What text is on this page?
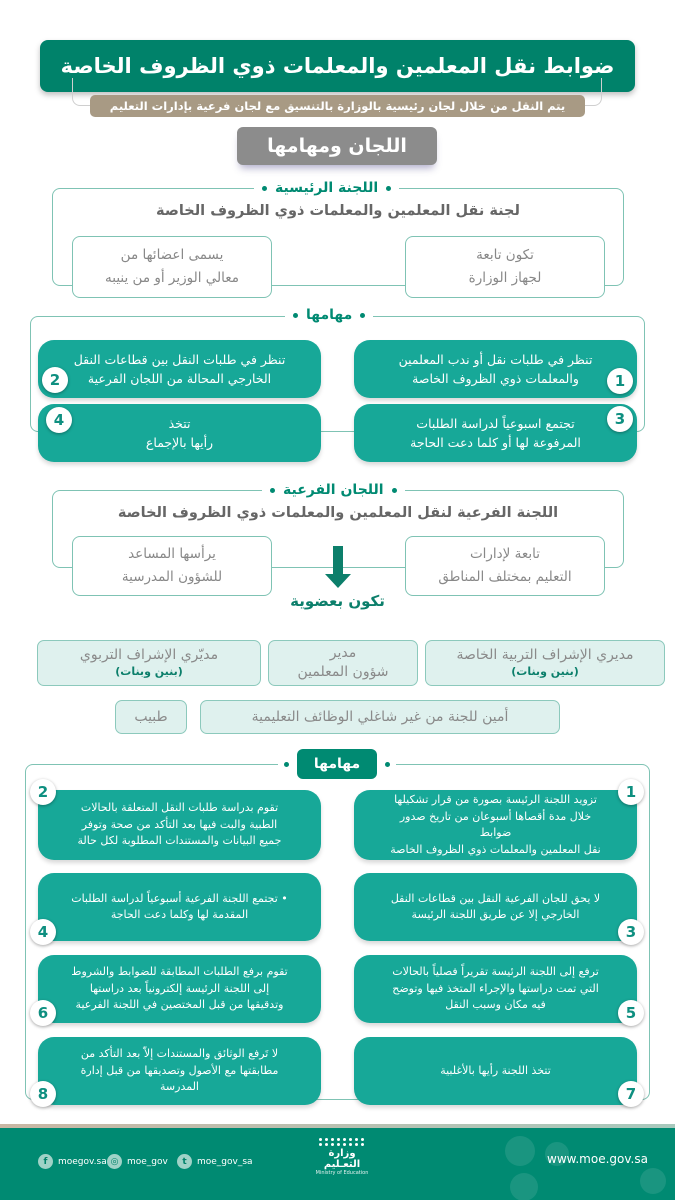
ضوابط نقل المعلمين والمعلمات ذوي الظروف الخاصة
يتم النقل من خلال لجان رئيسية بالوزارة بالتنسيق مع لجان فرعية بإدارات التعليم
اللجان ومهامها
اللجنة الرئيسية
لجنة نقل المعلمين والمعلمات ذوي الظروف الخاصة
تكون تابعة
لجهاز الوزارة
يسمى اعضائها من
معالي الوزير أو من ينيبه
مهامها
تنظر في طلبات نقل أو ندب المعلمين
والمعلمات ذوي الظروف الخاصة	1
تنظر في طلبات النقل بين قطاعات النقل
الخارجي المحالة من اللجان الفرعية
2
تجتمع اسبوعياً لدراسة الطلبات
المرفوعة لها أو كلما دعت الحاجة
3
تتخذ
رأيها بالإجماع
4
اللجان الفرعية
اللجنة الفرعية لنقل المعلمين والمعلمات ذوي الظروف الخاصة
تابعة لإدارات
التعليم بمختلف المناطق
يرأسها المساعد
للشؤون المدرسية
تكون بعضوية
مديري الإشراف التربية الخاصة
(بنين وبنات)
مدير
شؤون المعلمين
مديّري الإشراف التربوي
(بنين وبنات)
أمين للجنة من غير شاغلي الوظائف التعليمية
طبيب
مهامها
تزويد اللجنة الرئيسة بصورة من قرار تشكيلها
خلال مدة أقصاها أسبوعان من تاريخ صدور ضوابط
نقل المعلمين والمعلمات ذوي الظروف الخاصة
1
تقوم بدراسة طلبات النقل المتعلقة بالحالات
الطبية والبت فيها بعد التأكد من صحة وتوفر
جميع البيانات والمستندات المطلوبة لكل حالة
2
لا يحق للجان الفرعية النقل بين قطاعات النقل
الخارجي إلا عن طريق اللجنة الرئيسة
3
• تجتمع اللجنة الفرعية أسبوعياً لدراسة الطلبات
المقدمة لها وكلما دعت الحاجة
4
ترفع إلى اللجنة الرئيسة تقريراً فصلياً بالحالات
التي تمت دراستها والإجراء المتخذ فيها وتوضح
فيه مكان وسبب النقل	5
تقوم برفع الطلبات المطابقة للضوابط والشروط
إلى اللجنة الرئيسة إلكترونياً بعد دراستها
وتدقيقها من قبل المختصين في اللجنة الفرعية
6
تتخذ اللجنة رأيها بالأغلبية
7
لا تَرفع الوثائق والمستندات إلاّ بعد التأكد من
مطابقتها مع الأصول وتصديقها من قبل إدارة
المدرسة
8
f	moegov.sa ◎ moe_gov	t	moe_gov_sa
وزارة التعـليم
Ministry of Education
www.moe.gov.sa
